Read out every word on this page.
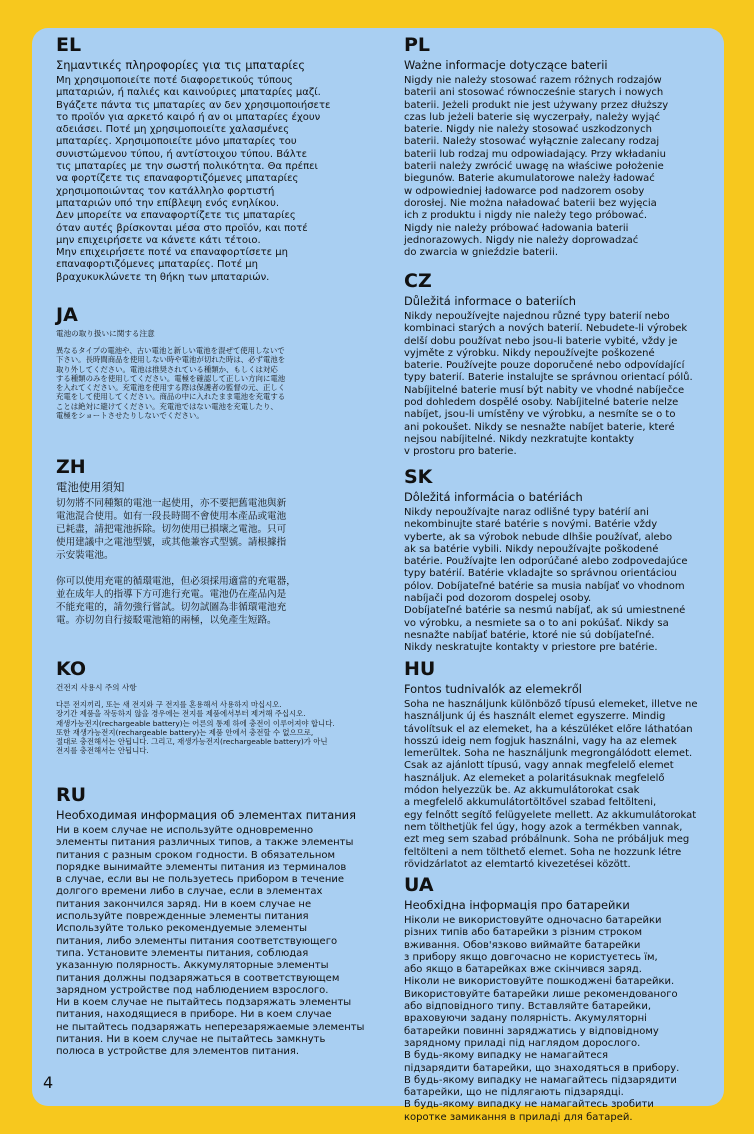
EL
Σημαντικές πληροφορίες για τις μπαταρίες

Μη χρησιμοποιείτε ποτέ διαφορετικούς τύπους
μπαταριών, ή παλιές και καινούριες μπαταρίες μαζί.
Βγάζετε πάντα τις μπαταρίες αν δεν χρησιμοποιήσετε
το προϊόν για αρκετό καιρό ή αν οι μπαταρίες έχουν
αδειάσει. Ποτέ μη χρησιμοποιείτε χαλασμένες
μπαταρίες. Χρησιμοποιείτε μόνο μπαταρίες του
συνιστώμενου τύπου, ή αντίστοιχου τύπου. Βάλτε
τις μπαταρίες με την σωστή πολικότητα. Θα πρέπει
να φορτίζετε τις επαναφορτιζόμενες μπαταρίες
χρησιμοποιώντας τον κατάλληλο φορτιστή
μπαταριών υπό την επίβλεψη ενός ενηλίκου.
Δεν μπορείτε να επαναφορτίζετε τις μπαταρίες
όταν αυτές βρίσκονται μέσα στο προϊόν, και ποτέ
μην επιχειρήσετε να κάνετε κάτι τέτοιο.
Μην επιχειρήσετε ποτέ να επαναφορτίσετε μη
επαναφορτιζόμενες μπαταρίες. Ποτέ μη
βραχυκυκλώνετε τη θήκη των μπαταριών.

JA
電池の取り扱いに関する注意

異なるタイプの電池や、古い電池と新しい電池を混ぜて使用しないで
下さい。長時間商品を使用しない時や電池が切れた時は、必ず電池を
取り外してください。電池は推奨されている種類か、もしくは対応
する種類のみを使用してください。電極を確認して正しい方向に電池
を入れてください。充電池を使用する際は保護者の監督の元、正しく
充電をして使用してください。商品の中に入れたまま電池を充電する
ことは絶対に避けてください。充電池ではない電池を充電したり、
電極をショートさせたりしないでください。

ZH
電池使用須知

切勿將不同種類的電池一起使用，亦不要把舊電池與新
電池混合使用。如有一段長時間不會使用本產品或電池
已耗盡，請把電池拆除。切勿使用已損壞之電池。只可
使用建議中之電池型號，或其他兼容式型號。請根據指
示安裝電池。

你可以使用充電的循環電池，但必須採用適當的充電器，
並在成年人的指導下方可進行充電。電池仍在產品內是
不能充電的，請勿強行嘗試。切勿試圖為非循環電池充
電。亦切勿自行接駁電池箱的兩極，以免產生短路。

KO
건전지 사용시 주의 사항

다른 전지끼리, 또는 새 전지와 구 전지를 혼용해서 사용하지 마십시오.
장기간 제품을 작동하지 않을 경우에는 전지를 제품에서부터 제거해 주십시오.
재생가능전지(rechargeable battery)는 어른의 통제 하에 충전이 이루어져야 합니다.
또한 재생가능전지(rechargeable battery)는 제품 안에서 충전할 수 없으므로,
절대로 충전해서는 안됩니다. 그리고, 재생가능전지(rechargeable battery)가 아닌
전지를 충전해서는 안됩니다.

RU
Необходимая информация об элементах питания

Ни в коем случае не используйте одновременно
элементы питания различных типов, а также элементы
питания с разным сроком годности. В обязательном
порядке вынимайте элементы питания из терминалов
в случае, если вы не пользуетесь прибором в течение
долгого времени либо в случае, если в элементах
питания закончился заряд. Ни в коем случае не
используйте поврежденные элементы питания
Используйте только рекомендуемые элементы
питания, либо элементы питания соответствующего
типа. Установите элементы питания, соблюдая
указанную полярность. Аккумуляторные элементы
питания должны подзаряжаться в соответствующем
зарядном устройстве под наблюдением взрослого.
Ни в коем случае не пытайтесь подзаряжать элементы
питания, находящиеся в приборе. Ни в коем случае
не пытайтесь подзаряжать неперезаряжаемые элементы
питания. Ни в коем случае не пытайтесь замкнуть
полюса в устройстве для элементов питания.

PL
Ważne informacje dotyczące baterii

Nigdy nie należy stosować razem różnych rodzajów
baterii ani stosować równocześnie starych i nowych
baterii. Jeżeli produkt nie jest używany przez dłuższy
czas lub jeżeli baterie się wyczerpały, należy wyjąć
baterie. Nigdy nie należy stosować uszkodzonych
baterii. Należy stosować wyłącznie zalecany rodzaj
baterii lub rodzaj mu odpowiadający. Przy wkładaniu
baterii należy zwrócić uwagę na właściwe położenie
biegunów. Baterie akumulatorowe należy ładować
w odpowiedniej ładowarce pod nadzorem osoby
dorosłej. Nie można naładować baterii bez wyjęcia
ich z produktu i nigdy nie należy tego próbować.
Nigdy nie należy próbować ładowania baterii
jednorazowych. Nigdy nie należy doprowadzać
do zwarcia w gnieździe baterii.

CZ
Důležitá informace o bateriích

Nikdy nepoužívejte najednou různé typy baterií nebo
kombinaci starých a nových baterií. Nebudete-li výrobek
delší dobu používat nebo jsou-li baterie vybité, vždy je
vyjměte z výrobku. Nikdy nepoužívejte poškozené
baterie. Používejte pouze doporučené nebo odpovídající
typy baterií. Baterie instalujte se správnou orientací pólů.
Nabíjitelné baterie musí být nabity ve vhodné nabíječce
pod dohledem dospělé osoby. Nabíjitelné baterie nelze
nabíjet, jsou-li umístěny ve výrobku, a nesmíte se o to
ani pokoušet. Nikdy se nesnažte nabíjet baterie, které
nejsou nabíjitelné. Nikdy nezkratujte kontakty
v prostoru pro baterie.

SK
Dôležitá informácia o batériách

Nikdy nepoužívajte naraz odlišné typy batérií ani
nekombinujte staré batérie s novými. Batérie vždy
vyberte, ak sa výrobok nebude dlhšie používať, alebo
ak sa batérie vybili. Nikdy nepoužívajte poškodené
batérie. Používajte len odporúčané alebo zodpovedajúce
typy batérií. Batérie vkladajte so správnou orientáciou
pólov. Dobíjateľné batérie sa musia nabíjať vo vhodnom
nabíjači pod dozorom dospelej osoby.
Dobíjateľné batérie sa nesmú nabíjať, ak sú umiestnené
vo výrobku, a nesmiete sa o to ani pokúšať. Nikdy sa
nesnažte nabíjať batérie, ktoré nie sú dobíjateľné.
Nikdy neskratujte kontakty v priestore pre batérie.

HU
Fontos tudnivalók az elemekről

Soha ne használjunk különböző típusú elemeket, illetve ne
használjunk új és használt elemet egyszerre. Mindig
távolítsuk el az elemeket, ha a készüléket előre láthatóan
hosszú ideig nem fogjuk használni, vagy ha az elemek
lemerültek. Soha ne használjunk megrongálódott elemet.
Csak az ajánlott típusú, vagy annak megfelelő elemet
használjuk. Az elemeket a polaritásuknak megfelelő
módon helyezzük be. Az akkumulátorokat csak
a megfelelő akkumulátortöltővel szabad feltölteni,
egy felnőtt segítő felügyelete mellett. Az akkumulátorokat
nem tölthetjük fel úgy, hogy azok a termékben vannak,
ezt meg sem szabad próbálnunk. Soha ne próbáljuk meg
feltölteni a nem tölthető elemet. Soha ne hozzunk létre
rövidzárlatot az elemtartó kivezetései között.

UA
Необхідна інформація про батарейки

Ніколи не використовуйте одночасно батарейки
різних типів або батарейки з різним строком
вживання. Обов'язково виймайте батарейки
з прибору якщо довгочасно не користуєтесь їм,
або якщо в батарейках вже скінчився заряд.
Ніколи не використовуйте пошкоджені батарейки.
Використовуйте батарейки лише рекомендованого
або відповідного типу. Вставляйте батарейки,
враховуючи задану полярність. Акумуляторні
батарейки повинні заряджатись у відповідному
зарядному приладі під наглядом дорослого.
В будь-якому випадку не намагайтеся
підзарядити батарейки, що знаходяться в прибору.
В будь-якому випадку не намагайтесь підзарядити
батарейки, що не підлягають підзарядці.
В будь-якому випадку не намагайтесь зробити
коротке замикання в приладі для батарей.

4
